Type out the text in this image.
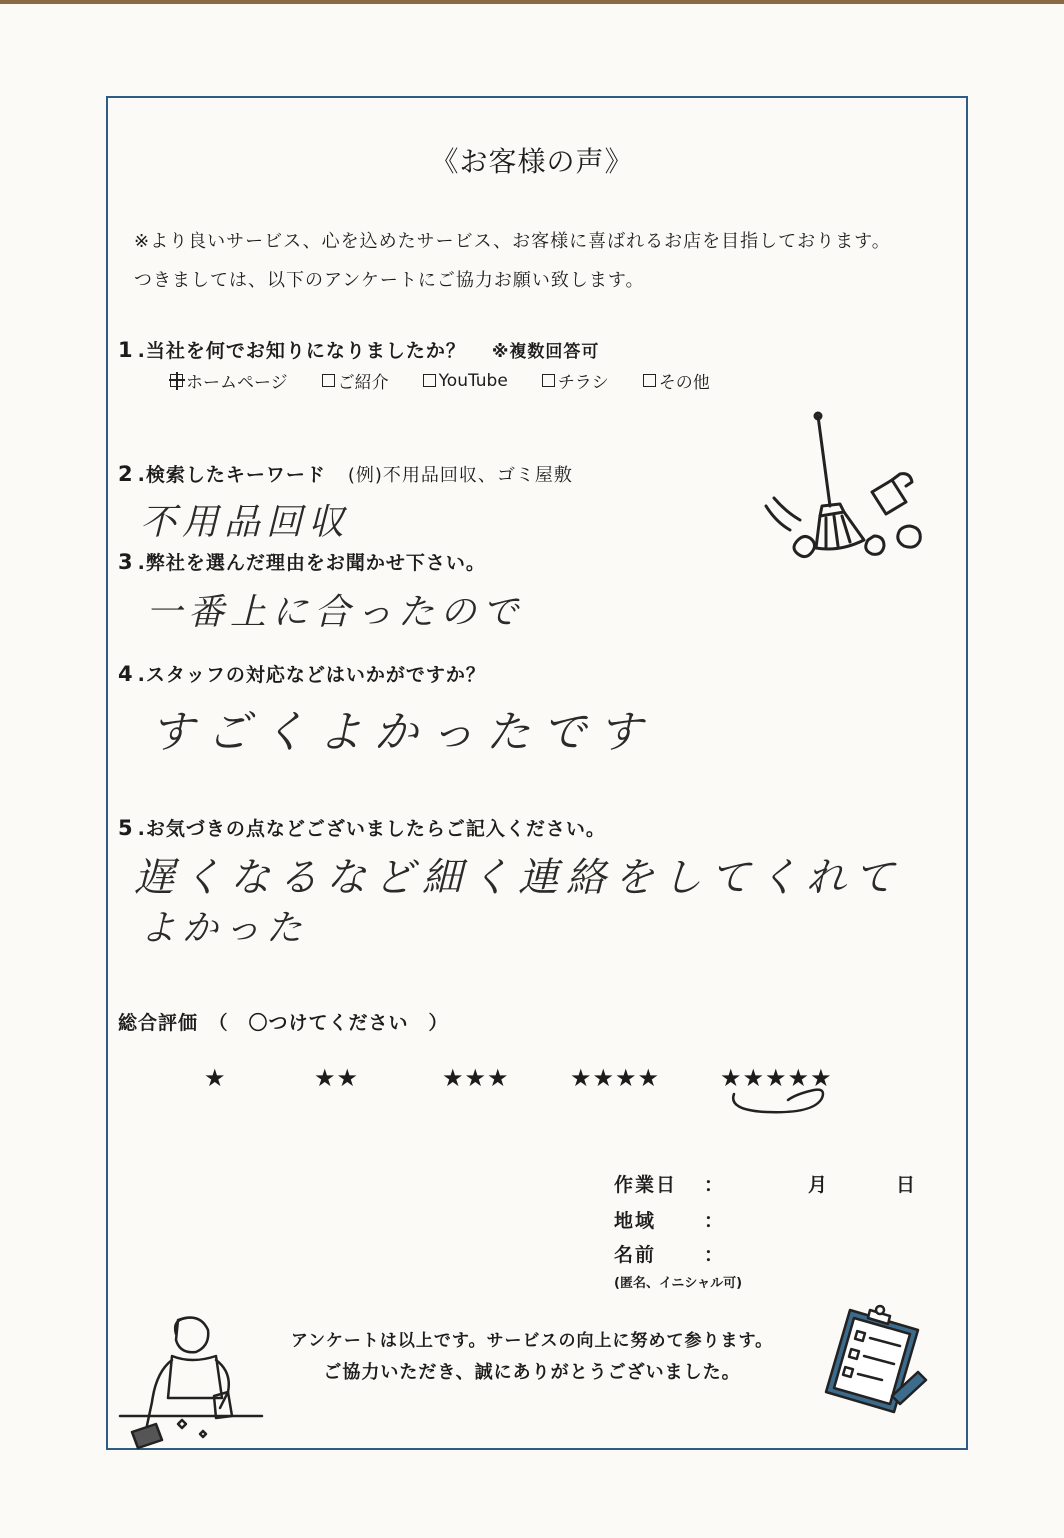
《お客様の声》
※より良いサービス、心を込めたサービス、お客様に喜ばれるお店を目指しております。
つきましては、以下のアンケートにご協力お願い致します。
1 .当社を何でお知りになりましたか？ ※複数回答可
ホームページ	ご紹介	YouTube	チラシ	その他
2 .検索したキーワード (例)不用品回収、ゴミ屋敷
不用品回収
3 .弊社を選んだ理由をお聞かせ下さい。
一番上に合ったので
4 .スタッフの対応などはいかがですか？
すごくよかったです
5 .お気づきの点などございましたらご記入ください。
遅くなるなど細く連絡をしてくれて
よかった
総合評価　（　〇つけてください　）
★	★★	★★★	★★★★ ★★★★★
作業日 ：	月	日
地域	：
名前	：
(匿名、イニシャル可)
アンケートは以上です。サービスの向上に努めて参ります。
ご協力いただき、誠にありがとうございました。
